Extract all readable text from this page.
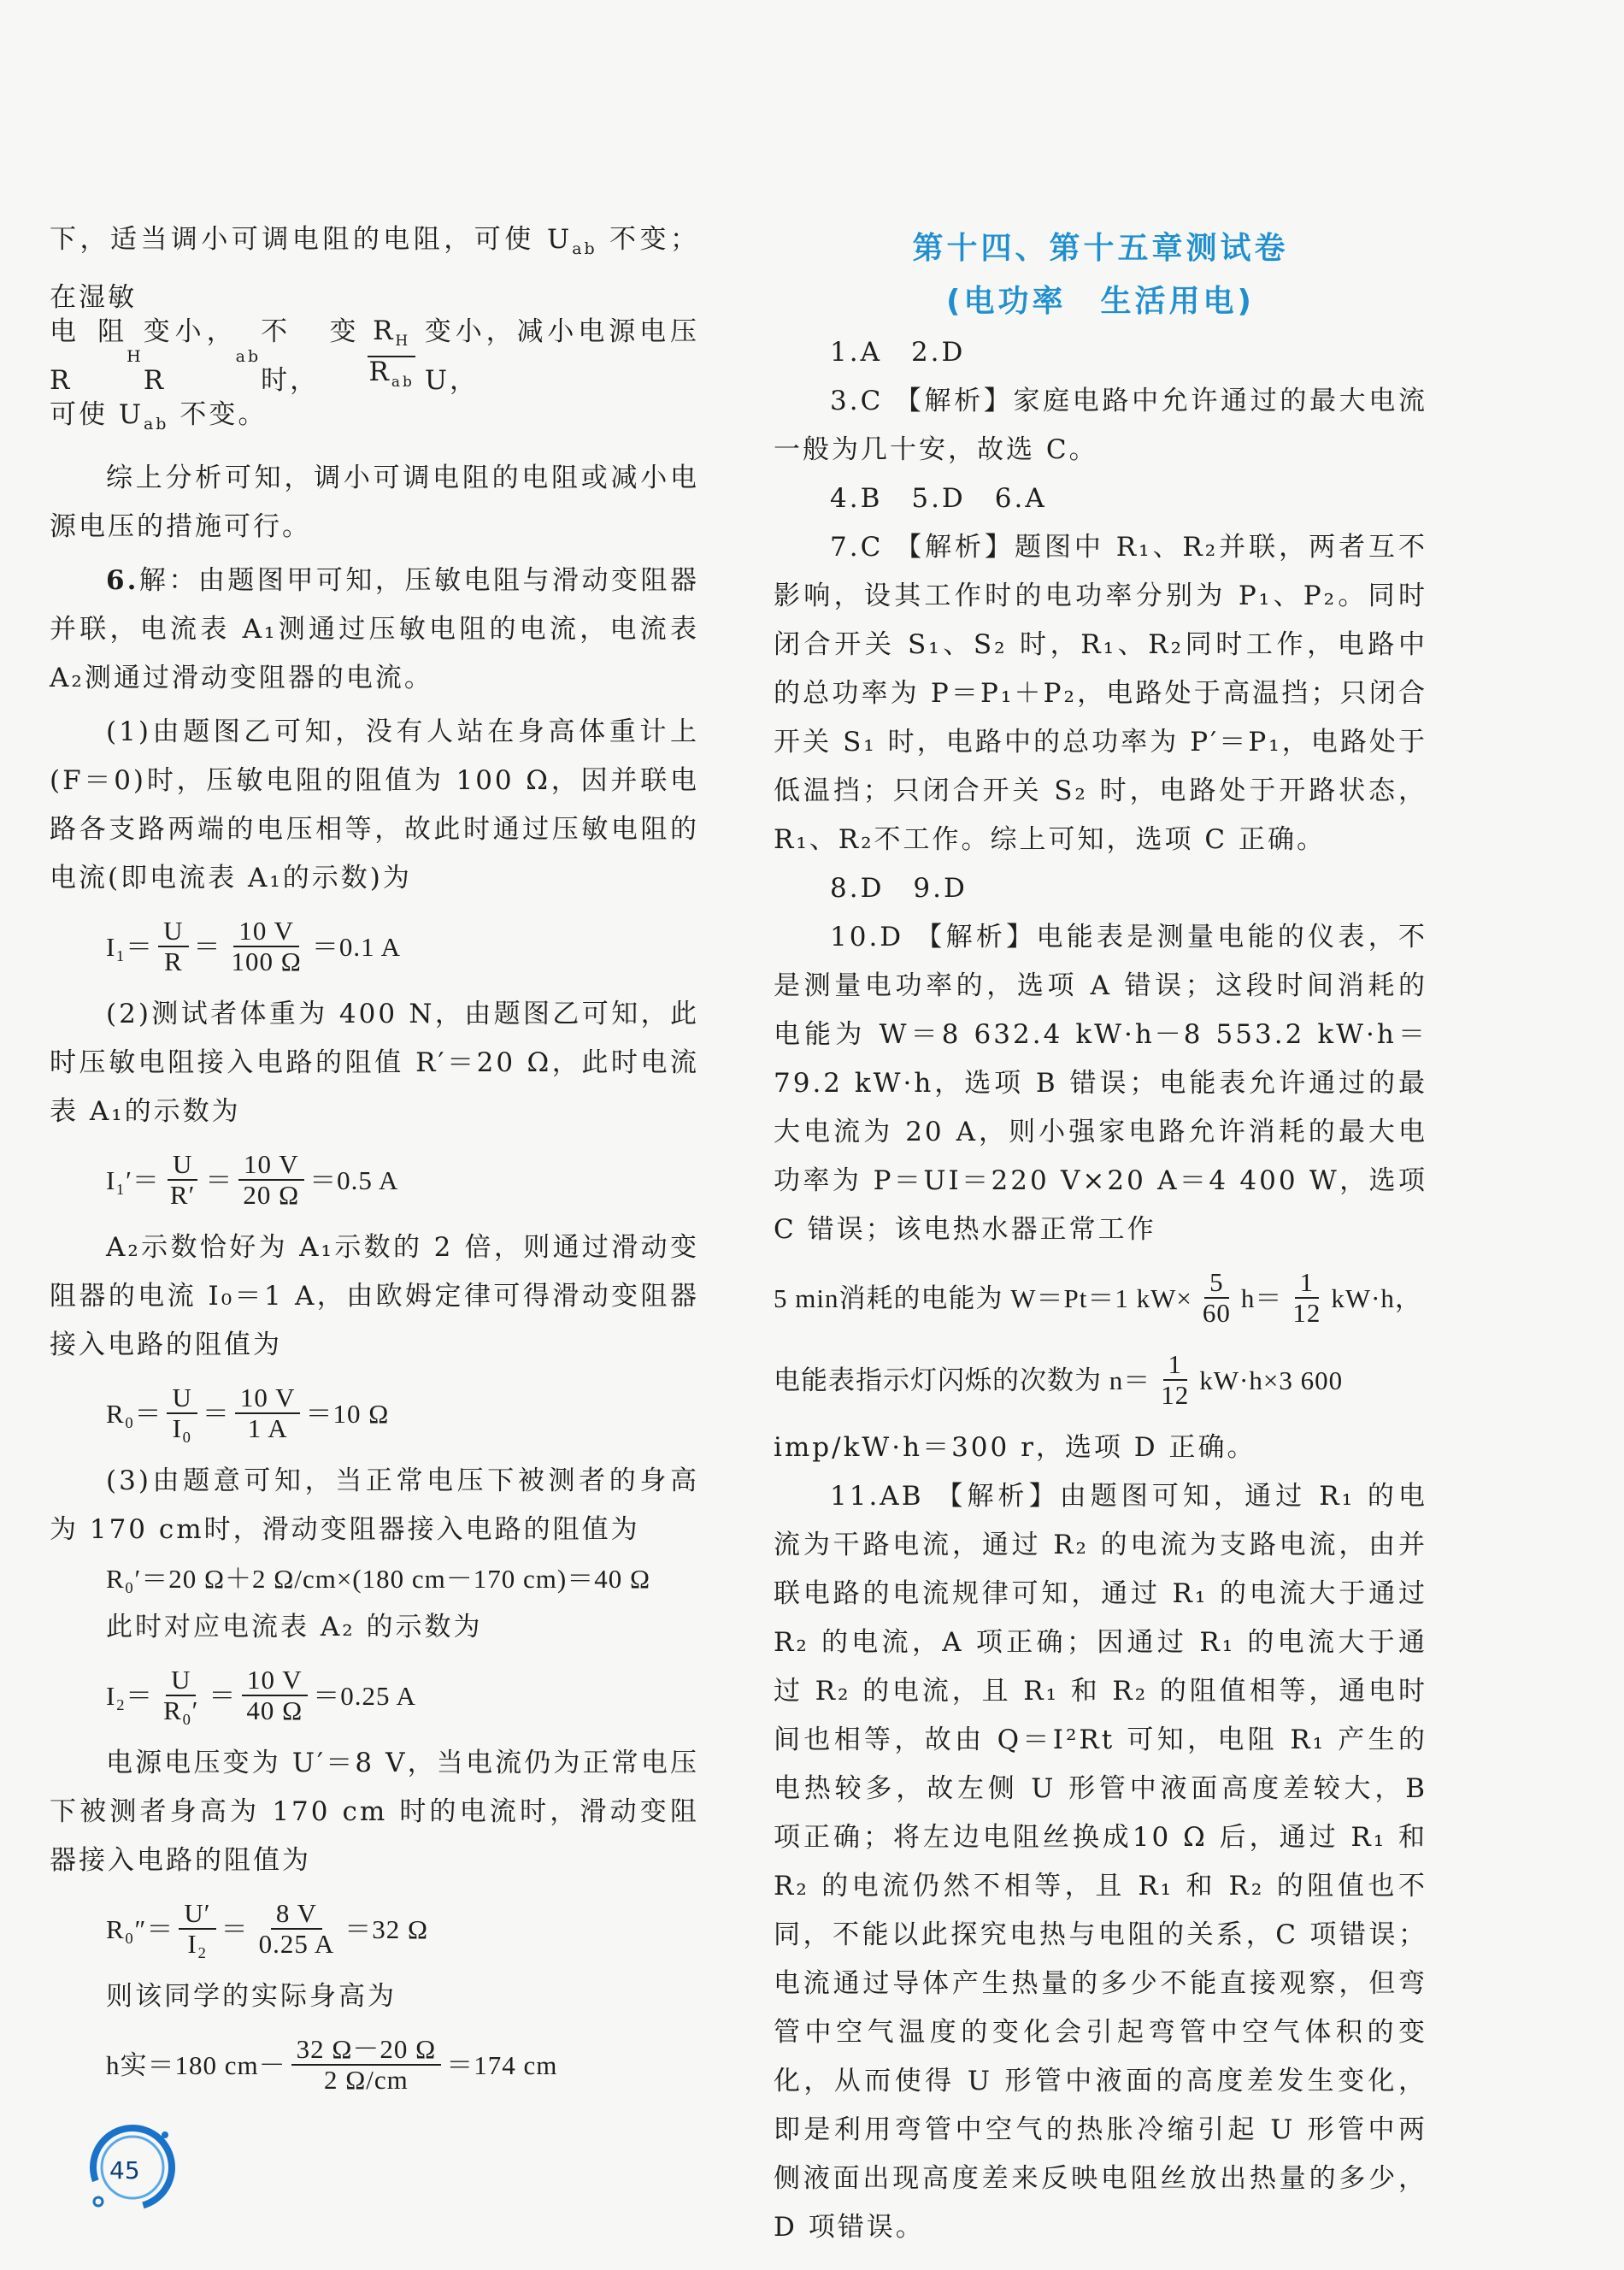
下，适当调小可调电阻的电阻，可使 $U_{ab}$ 不变；在湿敏

电阻 R
H
变小，R
ab
不变时，	$\frac{R_H}{R_{ab}}$ 变小，减小电源电压 U，

可使 $U_{ab}$ 不变。

综上分析可知，调小可调电阻的电阻或减小电源电压的措施可行。

6.解：由题图甲可知，压敏电阻与滑动变阻器并联，电流表 A₁测通过压敏电阻的电流，电流表 A₂测通过滑动变阻器的电流。

(1)由题图乙可知，没有人站在身高体重计上(F＝0)时，压敏电阻的阻值为 100 Ω，因并联电路各支路两端的电压相等，故此时通过压敏电阻的电流(即电流表 A₁的示数)为

$I_1= \frac{U}{R} = \frac{10 V}{100 \Omega} =0.1$ A

(2)测试者体重为 400 N，由题图乙可知，此时压敏电阻接入电路的阻值 R′＝20 Ω，此时电流表 A₁的示数为

$I_1'= \frac{U}{R'} = \frac{10 V}{20 \Omega} =0.5$ A

A₂示数恰好为 A₁示数的 2 倍，则通过滑动变阻器的电流 I₀＝1 A，由欧姆定律可得滑动变阻器接入电路的阻值为

$R_0= \frac{U}{\text{I₀}} = \frac{10 V}{1 A} =10$ Ω

(3)由题意可知，当正常电压下被测者的身高为 170 cm时，滑动变阻器接入电路的阻值为

R₀′＝20 Ω＋2 Ω/cm×(180 cm－170 cm)＝40 Ω

此时对应电流表 A₂ 的示数为

$I_2= \frac{U}{\text{R₀′}} = \frac{10 V}{40 \Omega} =0.25$ A

电源电压变为 U′＝8 V，当电流仍为正常电压下被测者身高为 170 cm 时的电流时，滑动变阻器接入电路的阻值为

$R_0''= \frac{U'}{\text{I₂}} = \frac{8 V}{0.25 A} =32$ Ω

则该同学的实际身高为

h实＝180 $cm- \frac{32 \Omega-20 \Omega}{2 \Omega/cm} =174$ cm
第十四、第十五章测试卷
(电功率　生活用电)

1.A　2.D

3.C 【解析】家庭电路中允许通过的最大电流一般为几十安，故选 C。

4.B　5.D　6.A

7.C 【解析】题图中 R₁、R₂并联，两者互不影响，设其工作时的电功率分别为 P₁、P₂。同时闭合开关 S₁、S₂ 时，R₁、R₂同时工作，电路中的总功率为 P＝P₁＋P₂，电路处于高温挡；只闭合开关 S₁ 时，电路中的总功率为 P′＝P₁，电路处于低温挡；只闭合开关 S₂ 时，电路处于开路状态，R₁、R₂不工作。综上可知，选项 C 正确。

8.D　9.D

10.D 【解析】电能表是测量电能的仪表，不是测量电功率的，选项 A 错误；这段时间消耗的电能为 W＝8 632.4 kW·h－8 553.2 kW·h＝79.2 kW·h，选项 B 错误；电能表允许通过的最大电流为 20 A，则小强家电路允许消耗的最大电功率为 P＝UI＝220 V×20 A＝4 400 W，选项 C 错误；该电热水器正常工作

5 min消耗的电能为 W＝Pt＝1 $kW\times \frac{5}{60} h= \frac{1}{12} kW\cdot h$，
电能表指示灯闪烁的次数为 $n= \frac{1}{12} kW\cdot h\times 3$ 600

imp/kW·h＝300 r，选项 D 正确。

11.AB 【解析】由题图可知，通过 R₁ 的电流为干路电流，通过 R₂ 的电流为支路电流，由并联电路的电流规律可知，通过 R₁ 的电流大于通过 R₂ 的电流，A 项正确；因通过 R₁ 的电流大于通过 R₂ 的电流，且 R₁ 和 R₂ 的阻值相等，通电时间也相等，故由 Q＝I²Rt 可知，电阻 R₁ 产生的电热较多，故左侧 U 形管中液面高度差较大，B 项正确；将左边电阻丝换成10 Ω 后，通过 R₁ 和 R₂ 的电流仍然不相等，且 R₁ 和 R₂ 的阻值也不同，不能以此探究电热与电阻的关系，C 项错误；电流通过导体产生热量的多少不能直接观察，但弯管中空气温度的变化会引起弯管中空气体积的变化，从而使得 U 形管中液面的高度差发生变化，即是利用弯管中空气的热胀冷缩引起 U 形管中两侧液面出现高度差来反映电阻丝放出热量的多少，D 项错误。

45
